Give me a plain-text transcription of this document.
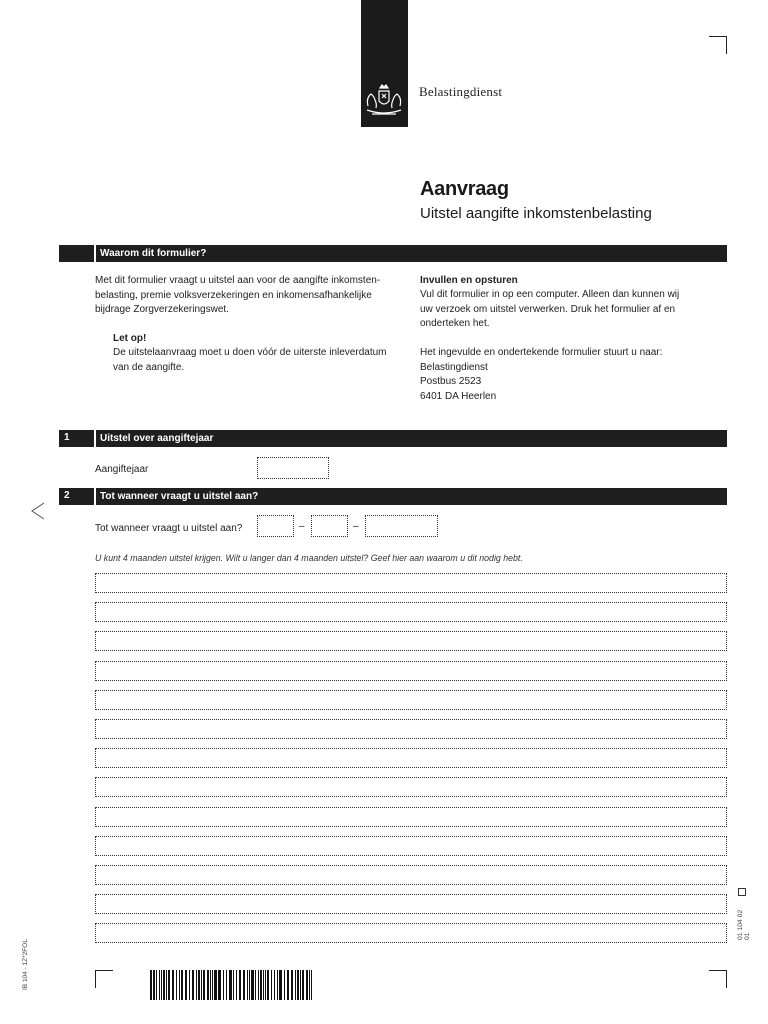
Belastingdienst
Aanvraag
Uitstel aangifte inkomstenbelasting
Waarom dit formulier?
Met dit formulier vraagt u uitstel aan voor de aangifte inkomsten-
belasting, premie volksverzekeringen en inkomensafhankelijke
bijdrage Zorgverzekeringswet.
Let op!
De uitstelaanvraag moet u doen vóór de uiterste inleverdatum
van de aangifte.
Invullen en opsturen
Vul dit formulier in op een computer. Alleen dan kunnen wij
uw verzoek om uitstel verwerken. Druk het formulier af en
onderteken het.
Het ingevulde en ondertekende formulier stuurt u naar:
Belastingdienst
Postbus 2523
6401 DA Heerlen
1	Uitstel over aangiftejaar
Aangiftejaar
2	Tot wanneer vraagt u uitstel aan?
Tot wanneer vraagt u uitstel aan?	–	–
U kunt 4 maanden uitstel krijgen. Wilt u langer dan 4 maanden uitstel? Geef hier aan waarom u dit nodig hebt.
01 104 02 01
IB 104 - 1Z*2FOL
